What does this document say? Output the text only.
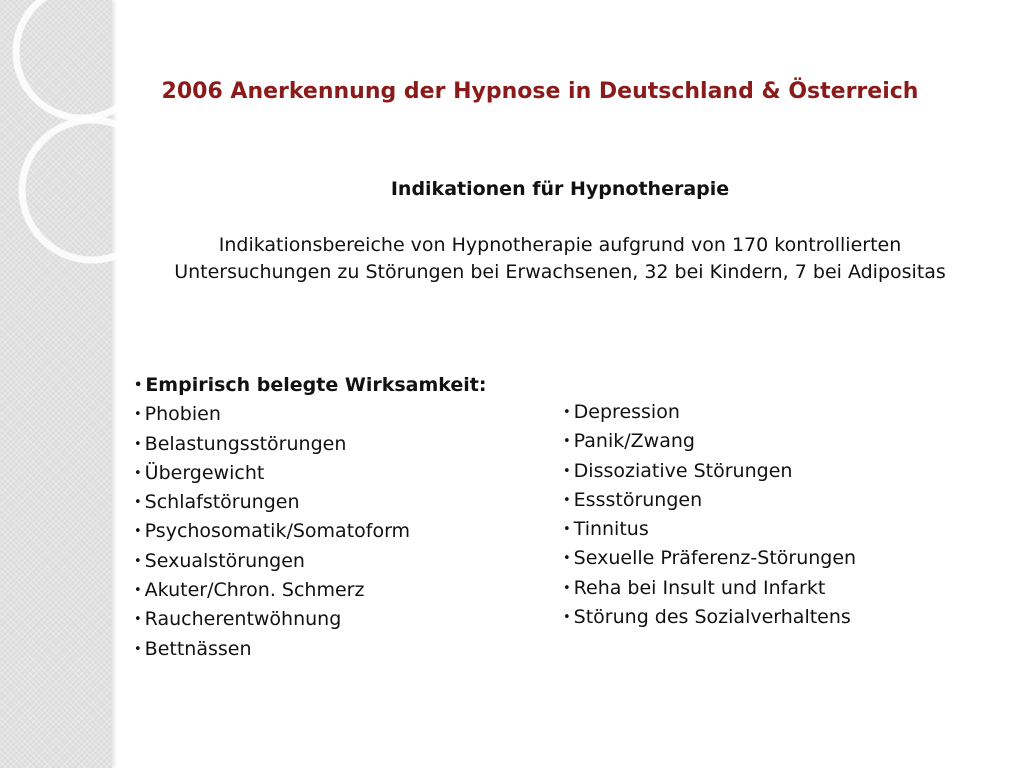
2006 Anerkennung der Hypnose in Deutschland & Österreich
Indikationen für Hypnotherapie
Indikationsbereiche von Hypnotherapie aufgrund von 170 kontrollierten Untersuchungen zu Störungen bei Erwachsenen, 32 bei Kindern, 7 bei Adipositas
• Empirisch belegte Wirksamkeit:
• Phobien
• Belastungsstörungen
• Übergewicht
• Schlafstörungen
• Psychosomatik/Somatoform
• Sexualstörungen
• Akuter/Chron. Schmerz
• Raucherentwöhnung
• Bettnässen
• Depression
• Panik/Zwang
• Dissoziative Störungen
• Essstörungen
• Tinnitus
• Sexuelle Präferenz-Störungen
• Reha bei Insult und Infarkt
• Störung des Sozialverhaltens
